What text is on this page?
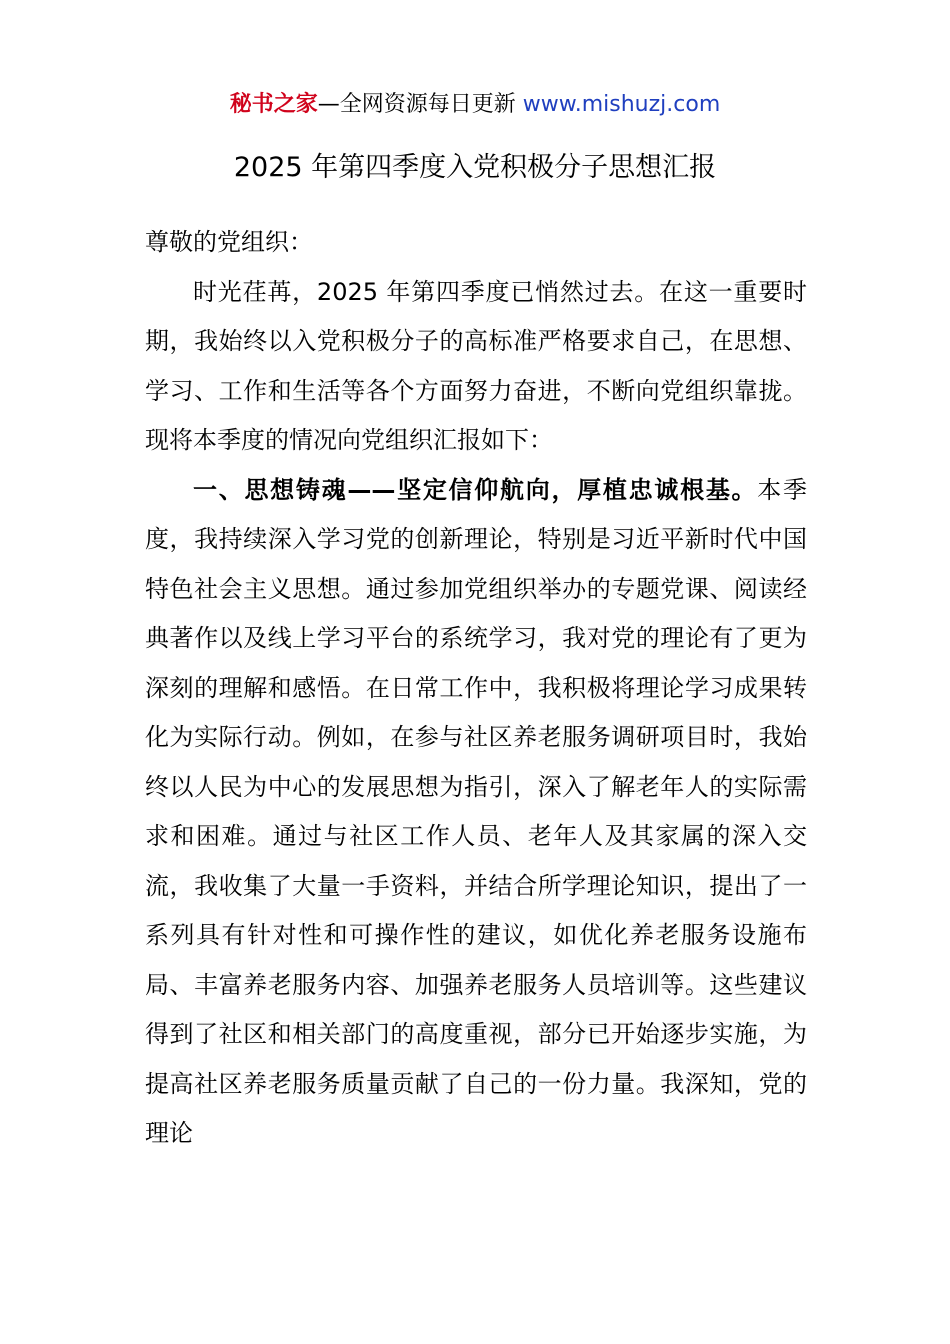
秘书之家—全网资源每日更新 www.mishuzj.com
2025 年第四季度入党积极分子思想汇报

尊敬的党组织：

时光荏苒，2025 年第四季度已悄然过去。在这一重要时期，我始终以入党积极分子的高标准严格要求自己，在思想、学习、工作和生活等各个方面努力奋进，不断向党组织靠拢。现将本季度的情况向党组织汇报如下：

一、思想铸魂——坚定信仰航向，厚植忠诚根基。本季度，我持续深入学习党的创新理论，特别是习近平新时代中国特色社会主义思想。通过参加党组织举办的专题党课、阅读经典著作以及线上学习平台的系统学习，我对党的理论有了更为深刻的理解和感悟。在日常工作中，我积极将理论学习成果转化为实际行动。例如，在参与社区养老服务调研项目时，我始终以人民为中心的发展思想为指引，深入了解老年人的实际需求和困难。通过与社区工作人员、老年人及其家属的深入交流，我收集了大量一手资料，并结合所学理论知识，提出了一系列具有针对性和可操作性的建议，如优化养老服务设施布局、丰富养老服务内容、加强养老服务人员培训等。这些建议得到了社区和相关部门的高度重视，部分已开始逐步实施，为提高社区养老服务质量贡献了自己的一份力量。我深知，党的理论
